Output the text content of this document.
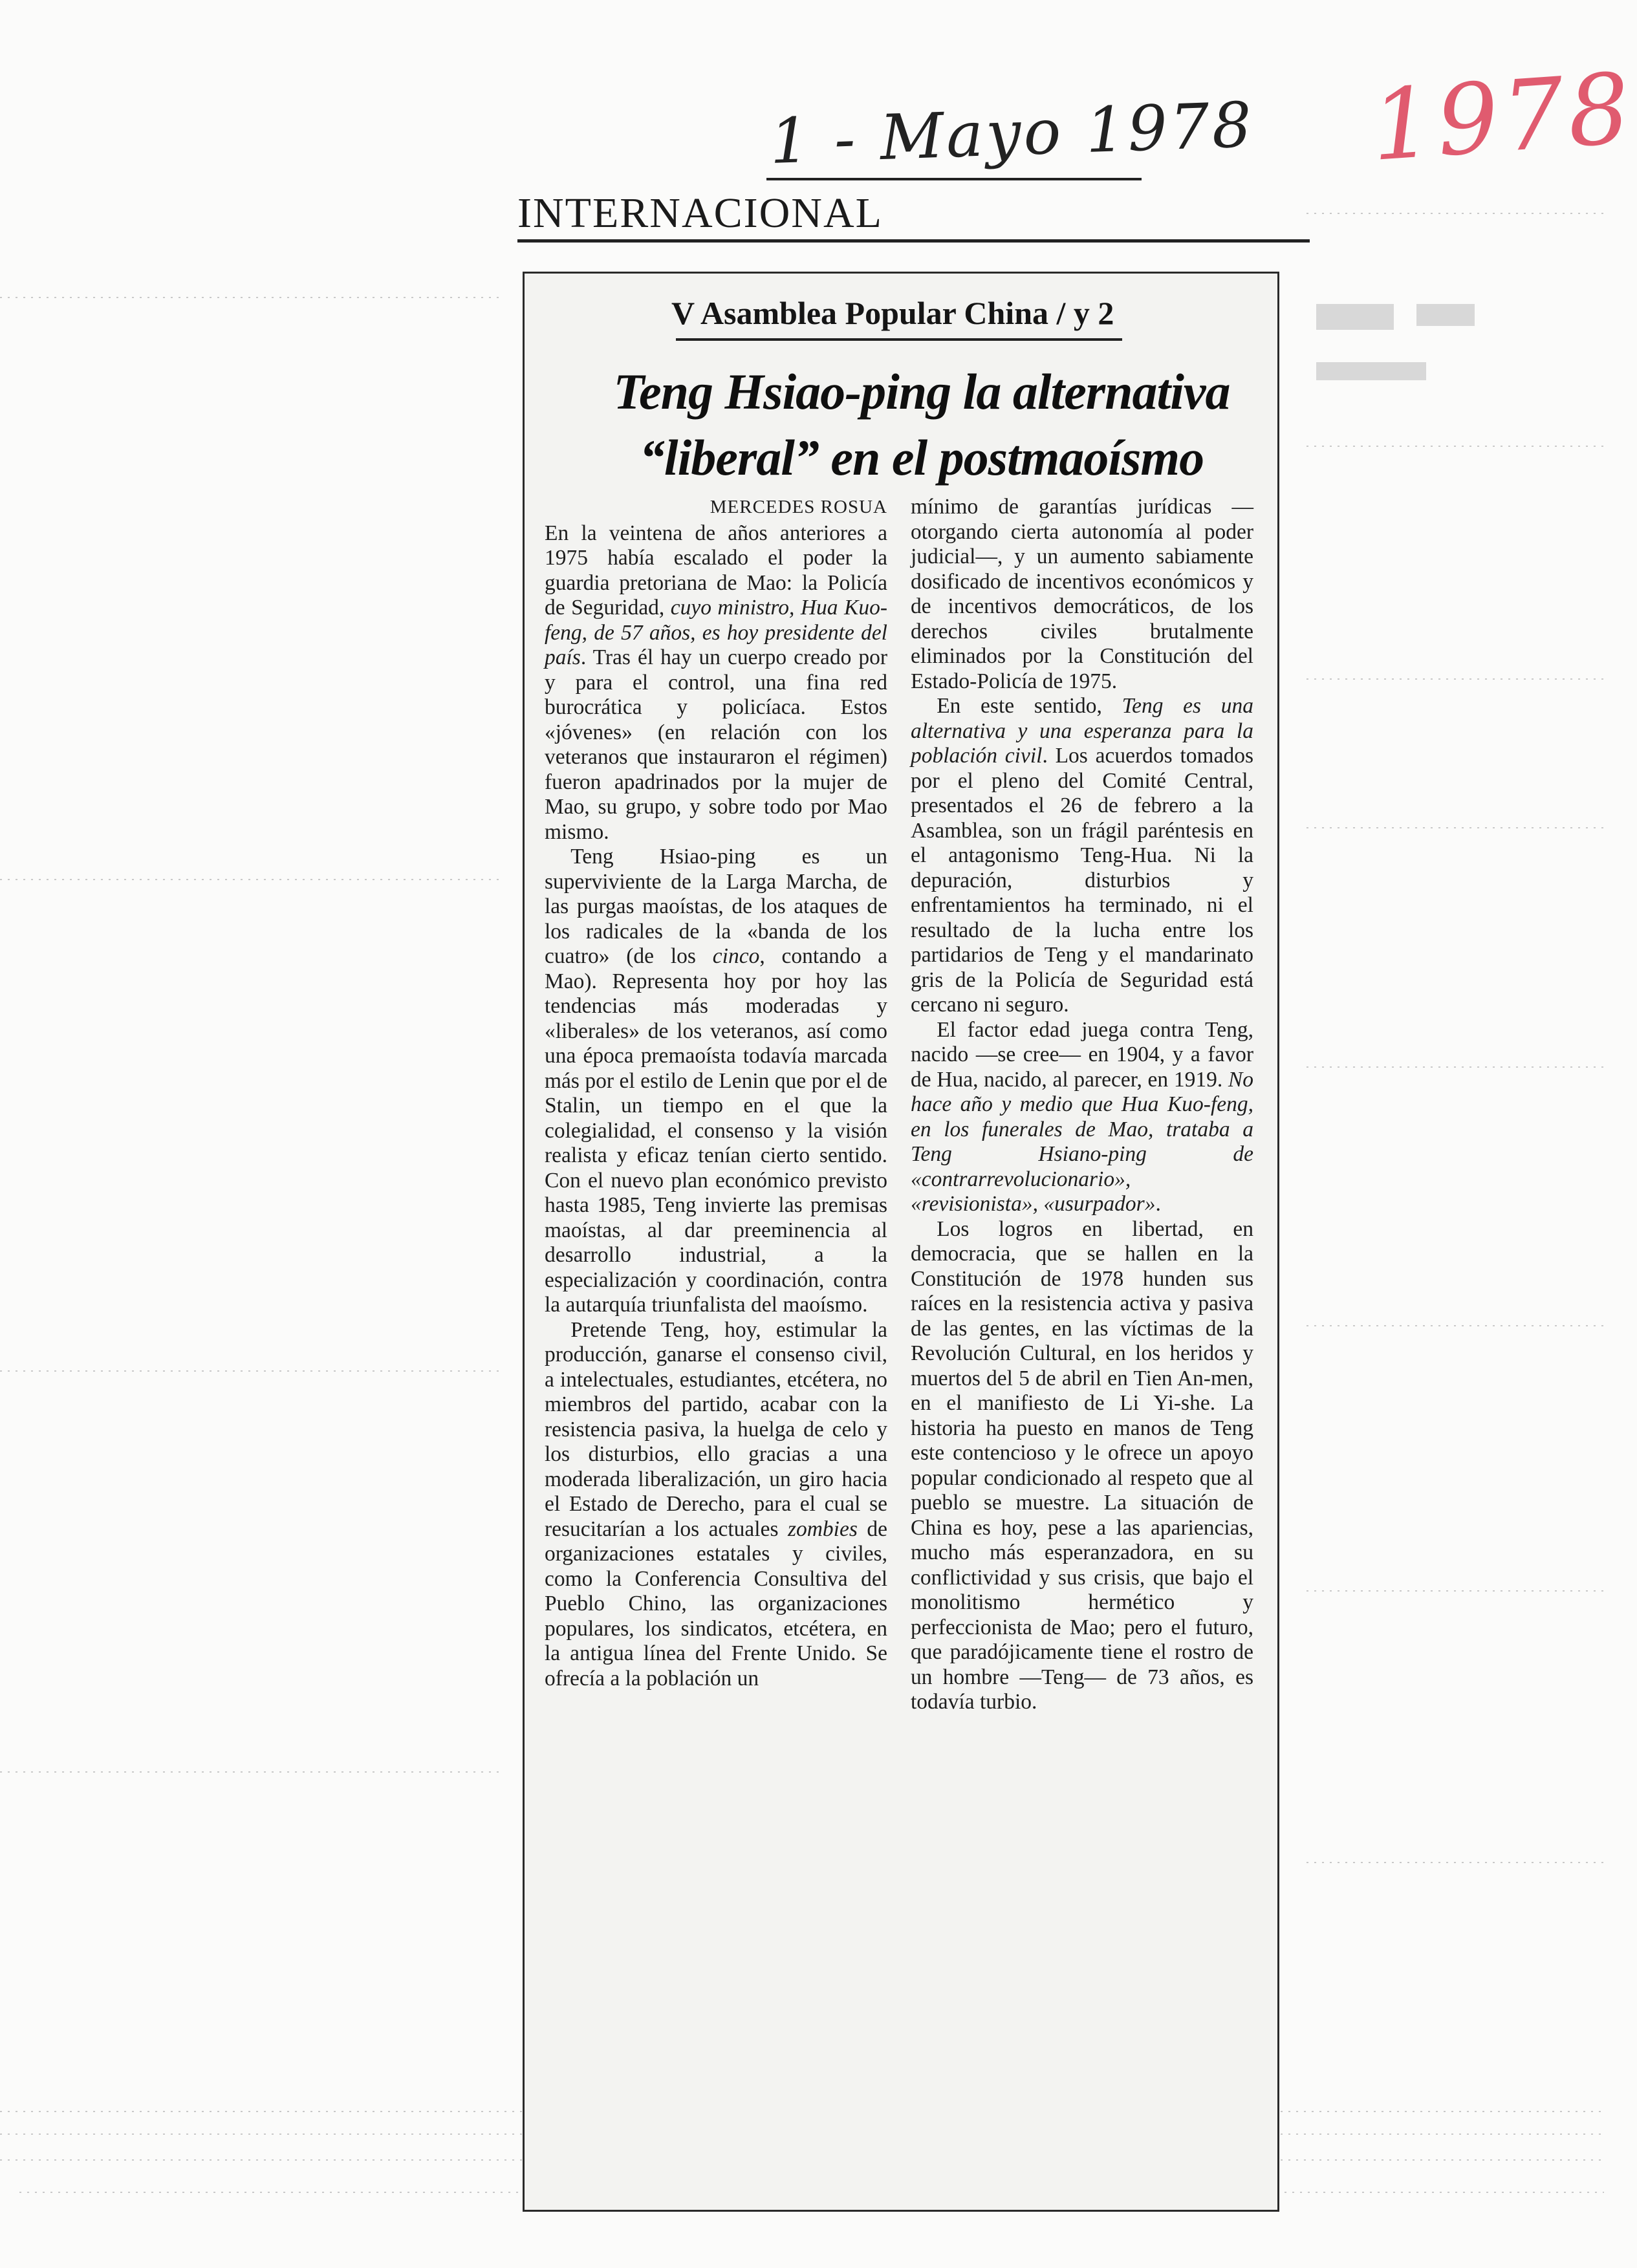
1 - Mayo 1978 1978
INTERNACIONAL
V Asamblea Popular China / y 2
Teng Hsiao-ping la alternativa
“liberal” en el postmaoísmo
MERCEDES ROSUA

En la veintena de años anteriores a 1975 había escalado el poder la guardia pretoriana de Mao: la Policía de Seguridad, cuyo ministro, Hua Kuo-feng, de 57 años, es hoy presidente del país. Tras él hay un cuerpo creado por y para el control, una fina red burocrática y policíaca. Estos «jóvenes» (en relación con los veteranos que instauraron el régimen) fueron apadrinados por la mujer de Mao, su grupo, y sobre todo por Mao mismo.

Teng Hsiao-ping es un superviviente de la Larga Marcha, de las purgas maoístas, de los ataques de los radicales de la «banda de los cuatro» (de los cinco, contando a Mao). Representa hoy por hoy las tendencias más moderadas y «liberales» de los veteranos, así como una época premaoísta todavía marcada más por el estilo de Lenin que por el de Stalin, un tiempo en el que la colegialidad, el consenso y la visión realista y eficaz tenían cierto sentido. Con el nuevo plan económico previsto hasta 1985, Teng invierte las premisas maoístas, al dar preeminencia al desarrollo industrial, a la especialización y coordinación, contra la autarquía triunfalista del maoísmo.

Pretende Teng, hoy, estimular la producción, ganarse el consenso civil, a intelectuales, estudiantes, etcétera, no miembros del partido, acabar con la resistencia pasiva, la huelga de celo y los disturbios, ello gracias a una moderada liberalización, un giro hacia el Estado de Derecho, para el cual se resucitarían a los actuales zombies de organizaciones estatales y civiles, como la Conferencia Consultiva del Pueblo Chino, las organizaciones populares, los sindicatos, etcétera, en la antigua línea del Frente Unido. Se ofrecía a la población un

mínimo de garantías jurídicas —otorgando cierta autonomía al poder judicial—, y un aumento sabiamente dosificado de incentivos económicos y de incentivos democráticos, de los derechos civiles brutalmente eliminados por la Constitución del Estado-Policía de 1975.

En este sentido, Teng es una alternativa y una esperanza para la población civil. Los acuerdos tomados por el pleno del Comité Central, presentados el 26 de febrero a la Asamblea, son un frágil paréntesis en el antagonismo Teng-Hua. Ni la depuración, disturbios y enfrentamientos ha terminado, ni el resultado de la lucha entre los partidarios de Teng y el mandarinato gris de la Policía de Seguridad está cercano ni seguro.

El factor edad juega contra Teng, nacido —se cree— en 1904, y a favor de Hua, nacido, al parecer, en 1919. No hace año y medio que Hua Kuo-feng, en los funerales de Mao, trataba a Teng Hsiano-ping de «contrarrevolucionario», «revisionista», «usurpador».

Los logros en libertad, en democracia, que se hallen en la Constitución de 1978 hunden sus raíces en la resistencia activa y pasiva de las gentes, en las víctimas de la Revolución Cultural, en los heridos y muertos del 5 de abril en Tien An-men, en el manifiesto de Li Yi-she. La historia ha puesto en manos de Teng este contencioso y le ofrece un apoyo popular condicionado al respeto que al pueblo se muestre. La situación de China es hoy, pese a las apariencias, mucho más esperanzadora, en su conflictividad y sus crisis, que bajo el monolitismo hermético y perfeccionista de Mao; pero el futuro, que paradójicamente tiene el rostro de un hombre —Teng— de 73 años, es todavía turbio.
